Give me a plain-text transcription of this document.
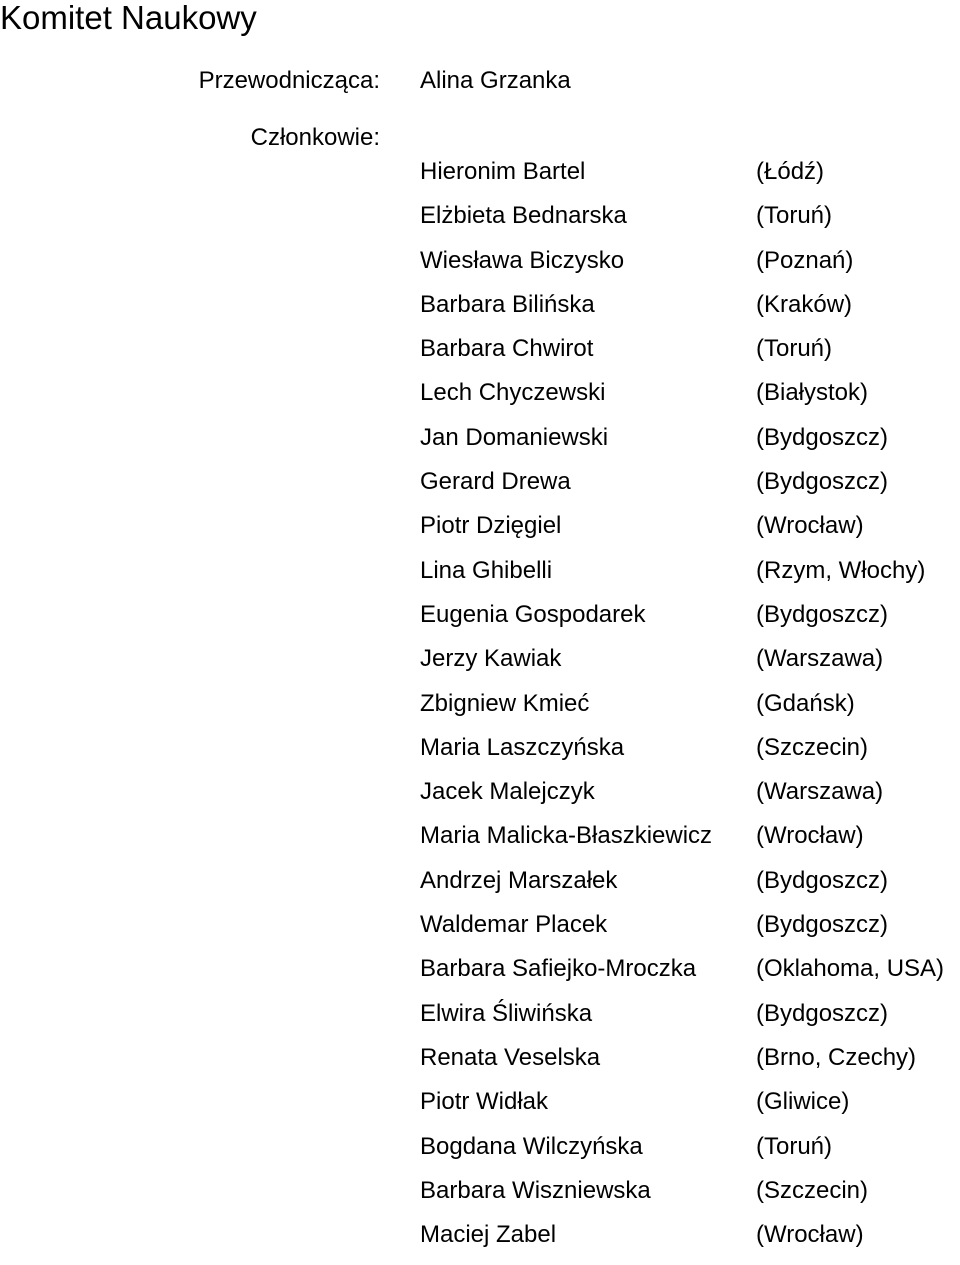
Komitet Naukowy
Przewodnicząca: Alina Grzanka
Członkowie:
Hieronim Bartel	(Łódź)
Elżbieta Bednarska	(Toruń)
Wiesława Biczysko	(Poznań)
Barbara Bilińska	(Kraków)
Barbara Chwirot	(Toruń)
Lech Chyczewski	(Białystok)
Jan Domaniewski	(Bydgoszcz)
Gerard Drewa	(Bydgoszcz)
Piotr Dzięgiel	(Wrocław)
Lina Ghibelli	(Rzym, Włochy)
Eugenia Gospodarek	(Bydgoszcz)
Jerzy Kawiak	(Warszawa)
Zbigniew Kmieć	(Gdańsk)
Maria Laszczyńska	(Szczecin)
Jacek Malejczyk	(Warszawa)
Maria Malicka-Błaszkiewicz (Wrocław)
Andrzej Marszałek	(Bydgoszcz)
Waldemar Placek	(Bydgoszcz)
Barbara Safiejko-Mroczka (Oklahoma, USA)
Elwira Śliwińska	(Bydgoszcz)
Renata Veselska	(Brno, Czechy)
Piotr Widłak	(Gliwice)
Bogdana Wilczyńska	(Toruń)
Barbara Wiszniewska	(Szczecin)
Maciej Zabel	(Wrocław)
